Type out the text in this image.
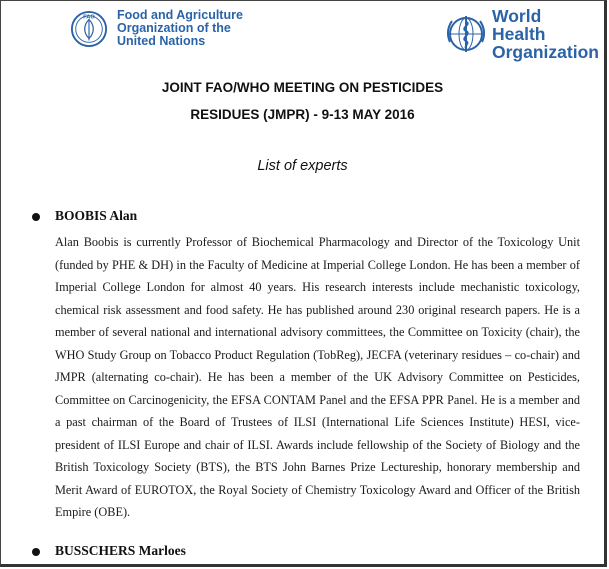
FAO Food and Agriculture Organization of the United Nations
World Health Organization
JOINT FAO/WHO MEETING ON PESTICIDES
RESIDUES (JMPR) - 9-13 MAY 2016
List of experts
BOOBIS Alan
Alan Boobis is currently Professor of Biochemical Pharmacology and Director of the Toxicology Unit (funded by PHE & DH) in the Faculty of Medicine at Imperial College London. He has been a member of Imperial College London for almost 40 years. His research interests include mechanistic toxicology, chemical risk assessment and food safety. He has published around 230 original research papers. He is a member of several national and international advisory committees, the Committee on Toxicity (chair), the WHO Study Group on Tobacco Product Regulation (TobReg), JECFA (veterinary residues – co-chair) and JMPR (alternating co-chair). He has been a member of the UK Advisory Committee on Pesticides, Committee on Carcinogenicity, the EFSA CONTAM Panel and the EFSA PPR Panel. He is a member and a past chairman of the Board of Trustees of ILSI (International Life Sciences Institute) HESI, vice-president of ILSI Europe and chair of ILSI. Awards include fellowship of the Society of Biology and the British Toxicology Society (BTS), the BTS John Barnes Prize Lectureship, honorary membership and Merit Award of EUROTOX, the Royal Society of Chemistry Toxicology Award and Officer of the British Empire (OBE).
BUSSCHERS Marloes
